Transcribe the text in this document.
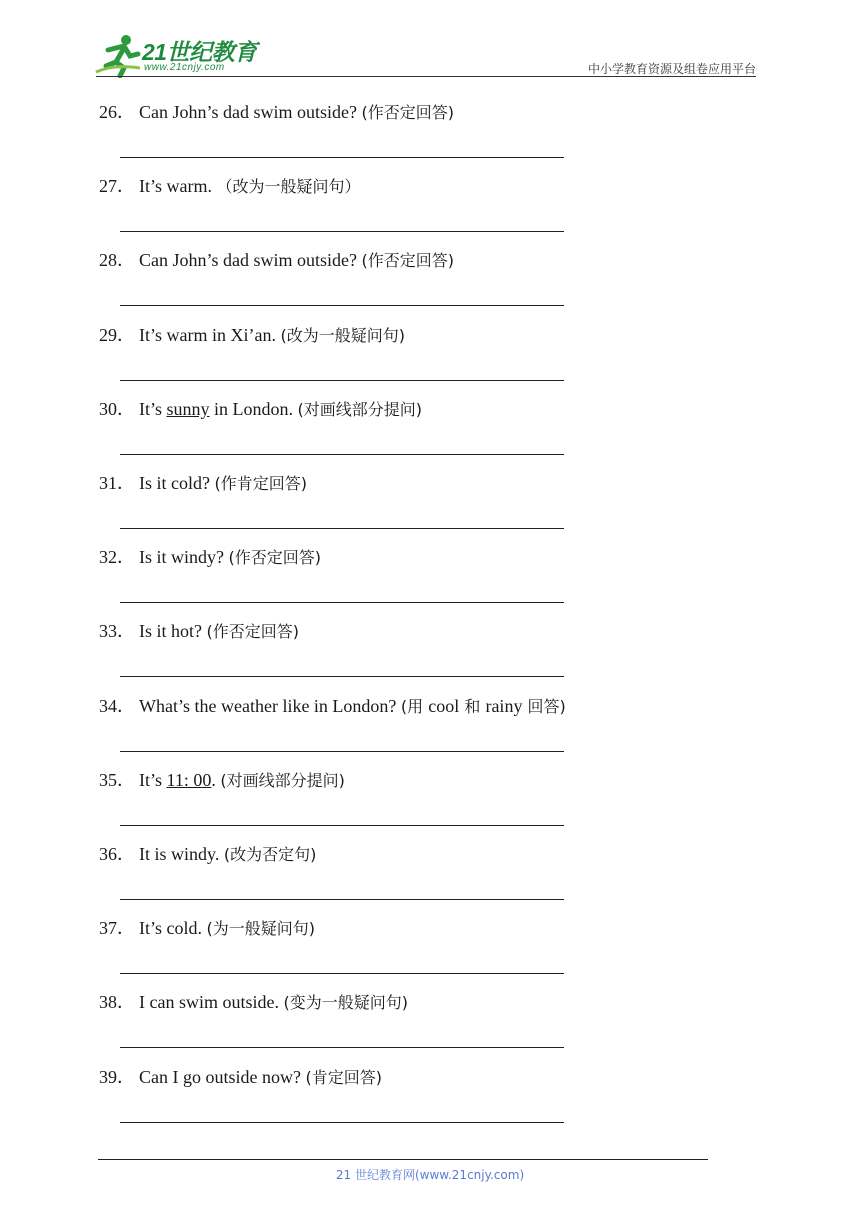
21世纪教育
www.21cnjy.com	中小学教育资源及组卷应用平台
26． Can John’s dad swim outside? (作否定回答)
27． It’s warm. （改为一般疑问句）
28． Can John’s dad swim outside? (作否定回答)
29． It’s warm in Xi’an. (改为一般疑问句)
30． It’s sunny in London. (对画线部分提问)
31． Is it cold? (作肯定回答)
32． Is it windy? (作否定回答)
33． Is it hot? (作否定回答)
34． What’s the weather like in London? (用 cool 和 rainy 回答)
35． It’s 11: 00. (对画线部分提问)
36． It is windy. (改为否定句)
37． It’s cold. (为一般疑问句)
38． I can swim outside. (变为一般疑问句)
39． Can I go outside now? (肯定回答)
21 世纪教育网(www.21cnjy.com)
